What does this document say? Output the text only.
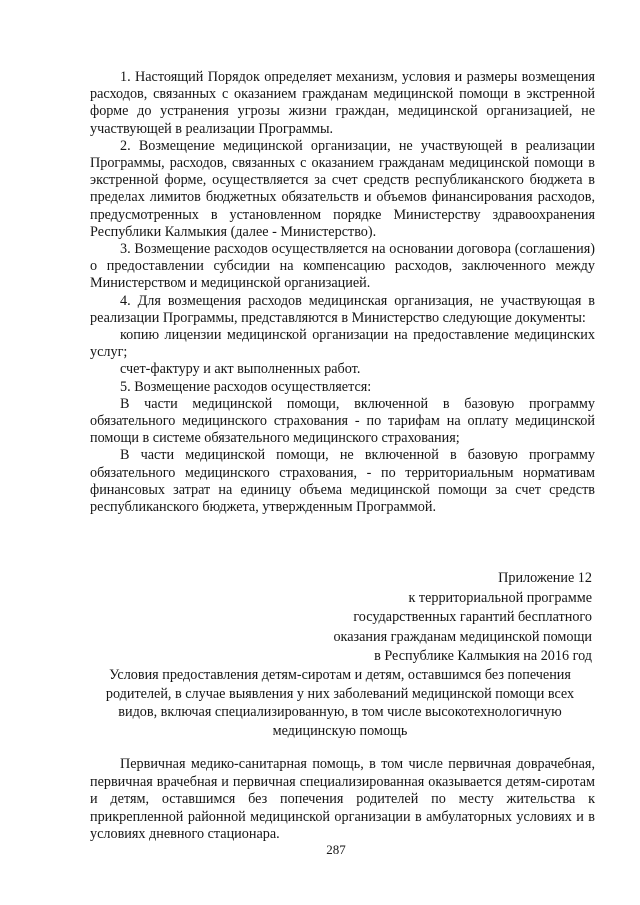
1. Настоящий Порядок определяет механизм, условия и размеры возмещения расходов, связанных с оказанием гражданам медицинской помощи в экстренной форме до устранения угрозы жизни граждан, медицинской организацией, не участвующей в реализации Программы.

2. Возмещение медицинской организации, не участвующей в реализации Программы, расходов, связанных с оказанием гражданам медицинской помощи в экстренной форме, осуществляется за счет средств республиканского бюджета в пределах лимитов бюджетных обязательств и объемов финансирования расходов, предусмотренных в установленном порядке Министерству здравоохранения Республики Калмыкия (далее - Министерство).

3. Возмещение расходов осуществляется на основании договора (соглашения) о предоставлении субсидии на компенсацию расходов, заключенного между Министерством и медицинской организацией.

4. Для возмещения расходов медицинская организация, не участвующая в реализации Программы, представляются в Министерство следующие документы:

копию лицензии медицинской организации на предоставление медицинских услуг;

счет-фактуру и акт выполненных работ.

5. Возмещение расходов осуществляется:

В части медицинской помощи, включенной в базовую программу обязательного медицинского страхования - по тарифам на оплату медицинской помощи в системе обязательного медицинского страхования;

В части медицинской помощи, не включенной в базовую программу обязательного медицинского страхования, - по территориальным нормативам финансовых затрат на единицу объема медицинской помощи за счет средств республиканского бюджета, утвержденным Программой.

Приложение 12
к территориальной программе
государственных гарантий бесплатного
оказания гражданам медицинской помощи
в Республике Калмыкия на 2016 год
Условия предоставления детям-сиротам и детям, оставшимся без попечения родителей, в случае выявления у них заболеваний медицинской помощи всех видов, включая специализированную, в том числе высокотехнологичную медицинскую помощь

Первичная медико-санитарная помощь, в том числе первичная доврачебная, первичная врачебная и первичная специализированная оказывается детям-сиротам и детям, оставшимся без попечения родителей по месту жительства к прикрепленной районной медицинской организации в амбулаторных условиях и в условиях дневного стационара.

287
